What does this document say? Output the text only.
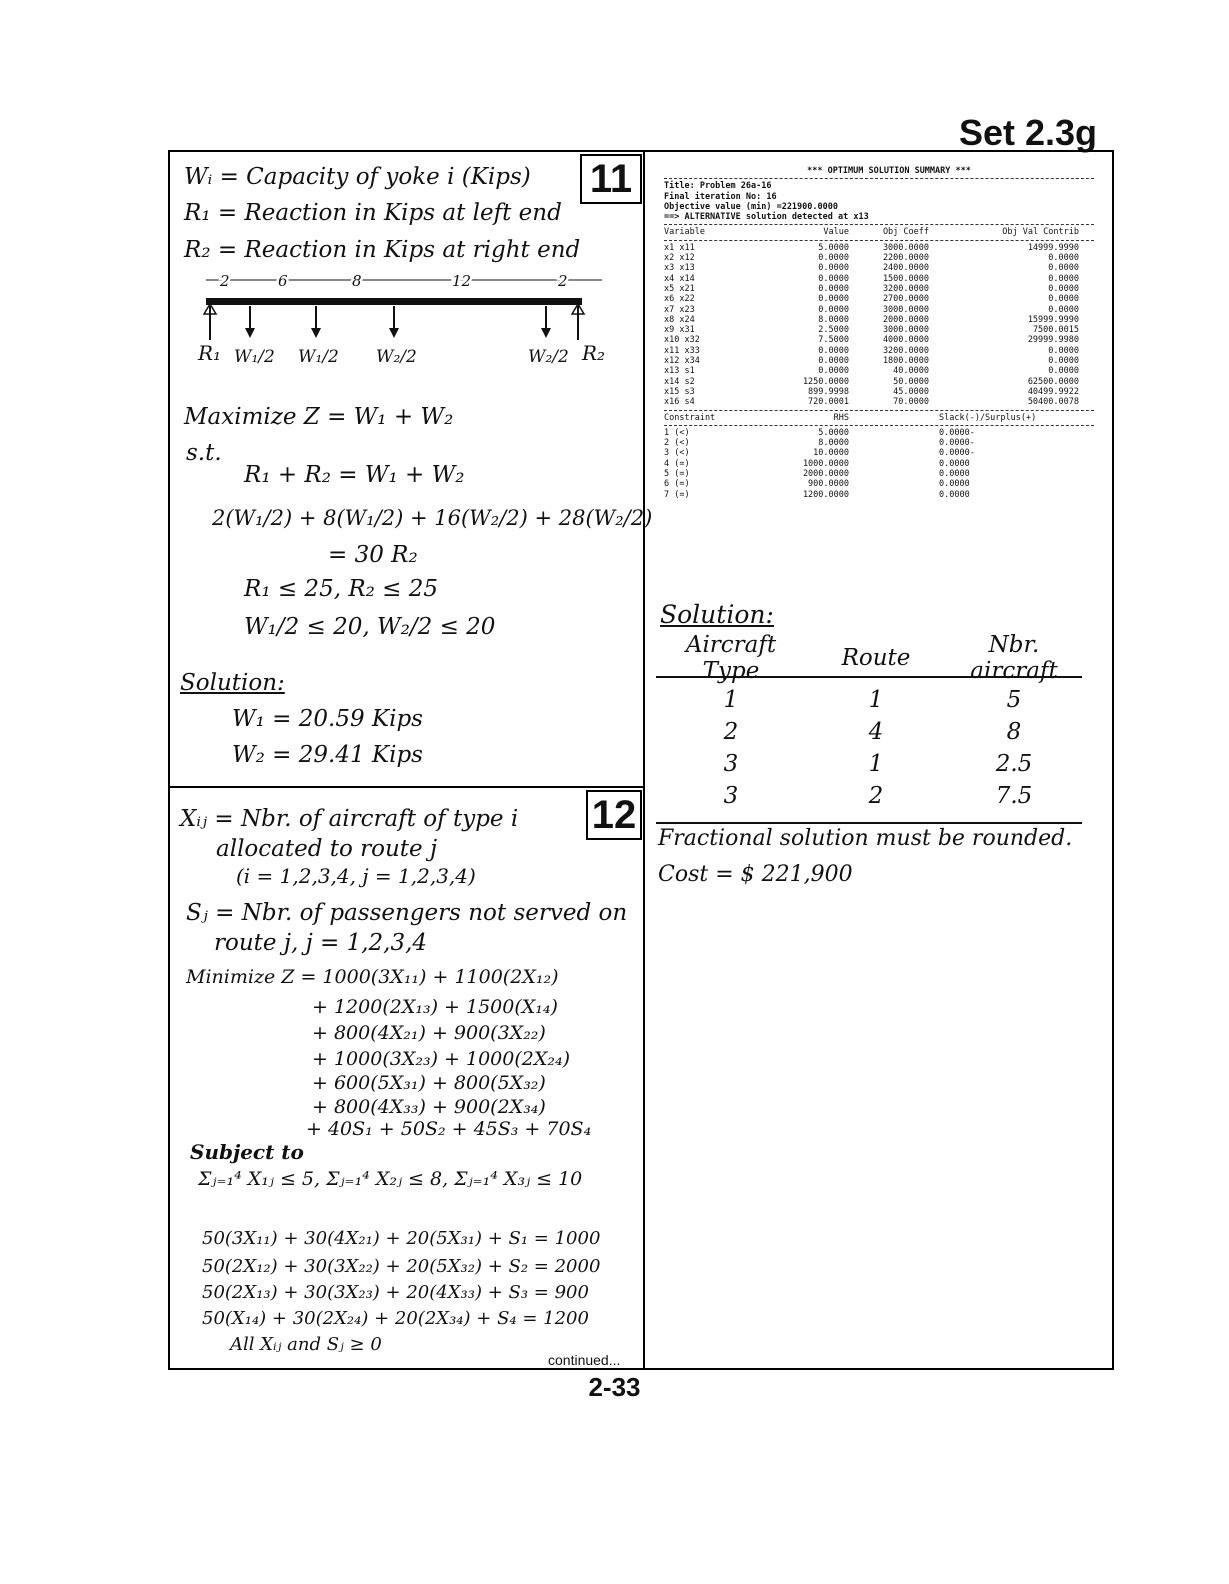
Set 2.3g
11
Wᵢ = Capacity of yoke i (Kips)
R₁ = Reaction in Kips at left end
R₂ = Reaction in Kips at right end
2	6	8	12	2
R₁ W₁/2 W₁/2 W₂/2	W₂/2 R₂
Maximize Z = W₁ + W₂
s.t.
R₁ + R₂ = W₁ + W₂
2(W₁/2) + 8(W₁/2) + 16(W₂/2) + 28(W₂/2)
= 30 R₂
R₁ ≤ 25, R₂ ≤ 25
W₁/2 ≤ 20, W₂/2 ≤ 20
Solution:
W₁ = 20.59 Kips
W₂ = 29.41 Kips
12
Xᵢⱼ = Nbr. of aircraft of type i
allocated to route j
(i = 1,2,3,4, j = 1,2,3,4)
Sⱼ = Nbr. of passengers not served on
route j, j = 1,2,3,4
Minimize Z = 1000(3X₁₁) + 1100(2X₁₂)
+ 1200(2X₁₃) + 1500(X₁₄)
+ 800(4X₂₁) + 900(3X₂₂)
+ 1000(3X₂₃) + 1000(2X₂₄)
+ 600(5X₃₁) + 800(5X₃₂)
+ 800(4X₃₃) + 900(2X₃₄)
+ 40S₁ + 50S₂ + 45S₃ + 70S₄
Subject to
Σⱼ₌₁⁴ X₁ⱼ ≤ 5, Σⱼ₌₁⁴ X₂ⱼ ≤ 8, Σⱼ₌₁⁴ X₃ⱼ ≤ 10
50(3X₁₁) + 30(4X₂₁) + 20(5X₃₁) + S₁ = 1000
50(2X₁₂) + 30(3X₂₂) + 20(5X₃₂) + S₂ = 2000
50(2X₁₃) + 30(3X₂₃) + 20(4X₃₃) + S₃ = 900
50(X₁₄) + 30(2X₂₄) + 20(2X₃₄) + S₄ = 1200
All Xᵢⱼ and Sⱼ ≥ 0
continued...
*** OPTIMUM SOLUTION SUMMARY ***
Title: Problem 26a-16
Final iteration No: 16
Objective value (min) =221900.0000
==> ALTERNATIVE solution detected at x13
Variable	Value	Obj Coeff	Obj Val Contrib
x1 x11	5.0000	3000.0000	14999.9990
x2 x12	0.0000	2200.0000	0.0000
x3 x13	0.0000	2400.0000	0.0000
x4 x14	0.0000	1500.0000	0.0000
x5 x21	0.0000	3200.0000	0.0000
x6 x22	0.0000	2700.0000	0.0000
x7 x23	0.0000	3000.0000	0.0000
x8 x24	8.0000	2000.0000	15999.9990
x9 x31	2.5000	3000.0000	7500.0015
x10 x32	7.5000	4000.0000	29999.9980
x11 x33	0.0000	3200.0000	0.0000
x12 x34	0.0000	1800.0000	0.0000
x13 s1	0.0000	40.0000	0.0000
x14 s2	1250.0000	50.0000	62500.0000
x15 s3	899.9998	45.0000	40499.9922
x16 s4	720.0001	70.0000	50400.0078
Constraint	RHS	Slack(-)/Surplus(+)
1 (<)	5.0000	0.0000-
2 (<)	8.0000	0.0000-
3 (<)	10.0000	0.0000-
4 (=)	1000.0000	0.0000
5 (=)	2000.0000	0.0000
6 (=)	900.0000	0.0000
7 (=)	1200.0000	0.0000
Solution:
Aircraft Type	Route	Nbr. aircraft
1	1	5
2	4	8
3	1	2.5
3	2	7.5
Fractional solution must be rounded.
Cost = $ 221,900
2-33
